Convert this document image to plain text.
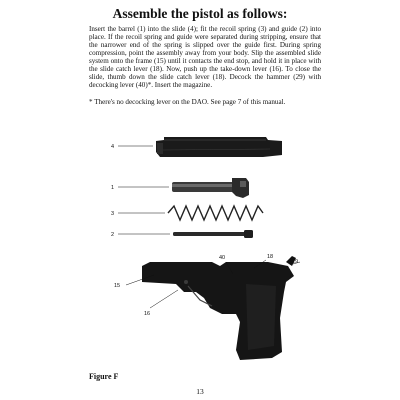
Assemble the pistol as follows:

Insert the barrel (1) into the slide (4); fit the recoil spring (3) and guide (2) into place. If the recoil spring and guide were separated during stripping, ensure that the narrower end of the spring is slipped over the guide first. During spring compression, point the assembly away from your body. Slip the assembled slide system onto the frame (15) until it contacts the end stop, and hold it in place with the slide catch lever (18). Now, push up the take-down lever (16). To close the slide, thumb down the slide catch lever (18). Decock the hammer (29) with decocking lever (40)*. Insert the magazine.

* There's no decocking lever on the DAO. See page 7 of this manual.

4
1
3
2
15
16
40	18
29
Figure F
13
